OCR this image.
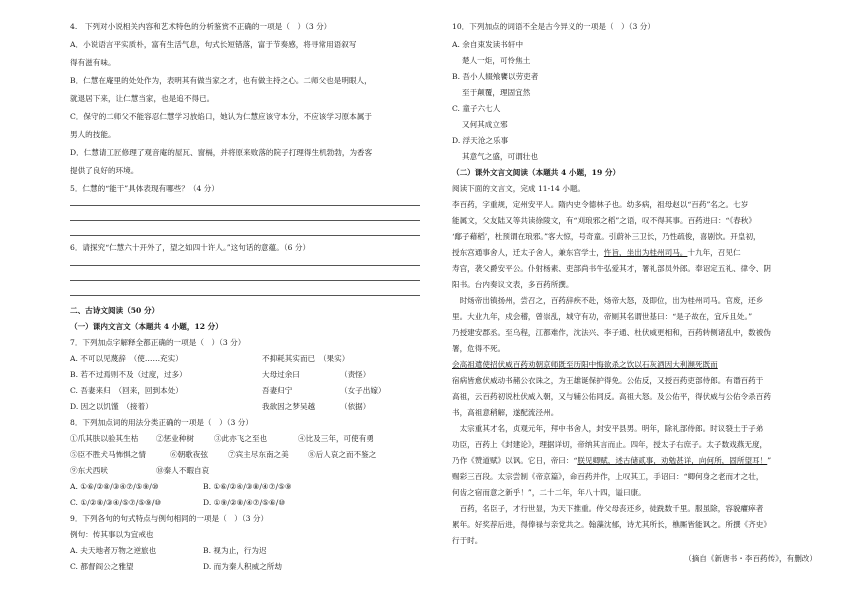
4.　下列对小说相关内容和艺术特色的分析鉴赏不正确的一项是（　）（3 分）
A．小说语言平实质朴，富有生活气息，句式长短错落，富于节奏感，将寻常用语叙写
得有滋有味。
B．仁慧在庵里的处处作为，表明其有做当家之才，也有做主持之心。二师父也是明眼人，
就退居下来，让仁慧当家，也是追不得已。
C．保守的二师父不能容忍仁慧学习放焰口，她认为仁慧应该守本分，不应该学习原本属于
男人的技能。
D．仁慧请工匠修理了观音庵的屋瓦、窗槅，并将原来败落的院子打理得生机勃勃，为香客
提供了良好的环境。
5．仁慧的“能干”具体表现有哪些？（4 分）
6．请探究“仁慧六十开外了，望之如四十许人。”这句话的意蕴。（6 分）
二、古诗文阅读（50 分）
（一）课内文言文（本题共 4 小题，12 分）
7．下列加点字解释全都正确的一项是（　）（3 分）
A. 不可以见蔑辞　（使……充实）	不抑耗其实而已　（果实）
B. 若不过焉则不及（过度，过多）	大母过余曰	（责怪）
C. 吾妻来归　（回来，回到本处）	吾妻归宁	（女子出嫁）
D. 因之以饥馑　（接着）	我欲因之梦吴越	（依据）
8．下列加点词的用法分类正确的一项是（　）（3 分）
①爪其肤以验其生枯 ②惩业种树	③此亦飞之至也	④比及三年，可使有勇
⑤臣不胜犬马怖惧之情	⑥朝歌夜弦	⑦宾主尽东南之美	⑧后人哀之而不鉴之
⑨东犬西吠	⑩秦人不暇自哀
A. ①⑥/②⑧/③④⑦/⑤⑨/⑩	B. ①⑥/②④/③⑧/④⑦/⑤⑨
C. ①/②⑧/③④/⑤⑦/⑤⑨/⑩	D. ①⑨/②⑧/④⑦/⑤⑥/⑩
9．下列各句的句式特点与例句相同的一项是（　）（3 分）
例句：传其事以为宜戒也
A. 夫天地者万物之逆旅也	B. 视为止，行为迟
C. 都督阎公之雅望	D. 而为秦人积威之所劫
10．下列加点的词语不全是古今异义的一项是（　）（3 分）
A. 余自束发读书轩中
楚人一炬，可怜焦土
B. 吾小人辍飧饔以劳吏者
至于颠覆，理固宜然
C. 童子六七人
又何其成立邪
D. 浮天沧之乐事
其意气之盛，可谓壮也
（二）课外文言文阅读（本题共 4 小题，19 分）
阅读下面的文言文，完成 11-14 小题。
李百药，字重规，定州安平人。隋内史令德林子也。幼多病，祖母赵以“百药”名之。七岁
能属文，父友陆又等共读徐陵文，有“刈琅邪之稻”之语，叹不得其事。百药进曰：“《春秋》
‘鄅子藉稻’，杜预谓在琅邪。”客大惊，号奇童。引蔚补三卫长，乃性疏俊，喜剧饮。开皇初，
授东宫通事舍人，迁太子舍人，兼东宫学士，忤旨，坐出为桂州司马。十九年，召见仁
寿宫，袭父爵安平公。仆射杨素、吏部尚书牛弘爱其才，署礼部员外郎。奉诏定五礼、律令、阴
阳书。台内奏议文表，多百药所撰。
　时炀帝出镇扬州，尝召之，百药辞疾不赴，炀帝大怒，及即位，出为桂州司马。官废，还乡
里。大业九年，戍会稽，曾崇乱，城守有功，帝厕其名谓世基曰：“是子故在，宜斥且处。”
乃授建安郡丞。至乌程，江都难作，沈法兴、李子通、杜伏威更相和，百药转侧诸乱中，数被伪
署，危得不死。
会高祖遣使招伏威百药劝朝京师既至历阳中悔欲杀之饮以石灰酒因大利濒死既而
宿病皆愈伏威动书赭公衣诛之，为王雄诞保护得免。公佑反，又授百药吏部侍郎。有谮百药于
高祖，云百药初说杜伏威入朝，又与辅公佑同反。高祖大怒。及公佑平，得伏威与公佑令杀百药
书，高祖意稍解，遂配流泾州。
　太宗重其才名，贞观元年，拜中书舍人，封安平县男。明年，除礼部侍郎。时议裂土于子弟
功臣，百药上《封建论》，理据详切，帝纳其言而止。四年，授太子右庶子。太子数戏燕无度，
乃作《赞道赋》以讽。它日，帝曰：“朕见卿赋，述古储贰事，劝勉甚详，向何所，固所望耳！”
赐彩三百段。太宗尝制《帝京篇》，命百药并作，上叹其工，手诏曰：“卿何身之老而才之壮，
何齿之宿而意之新乎！”，二十二年，年八十四，谥曰康。
　百药，名臣子，才行世显，为天下推重。侍父母丧还乡，徒跣数千里。服虽除，容貌癯瘁者
累年。好奖荐后进，得俸禄与亲党共之。翰藻沈郁，诗尤其所长，樵厮皆能讽之。所撰《齐史》
行于时。
（摘自《新唐书・李百药传》，有删改）
